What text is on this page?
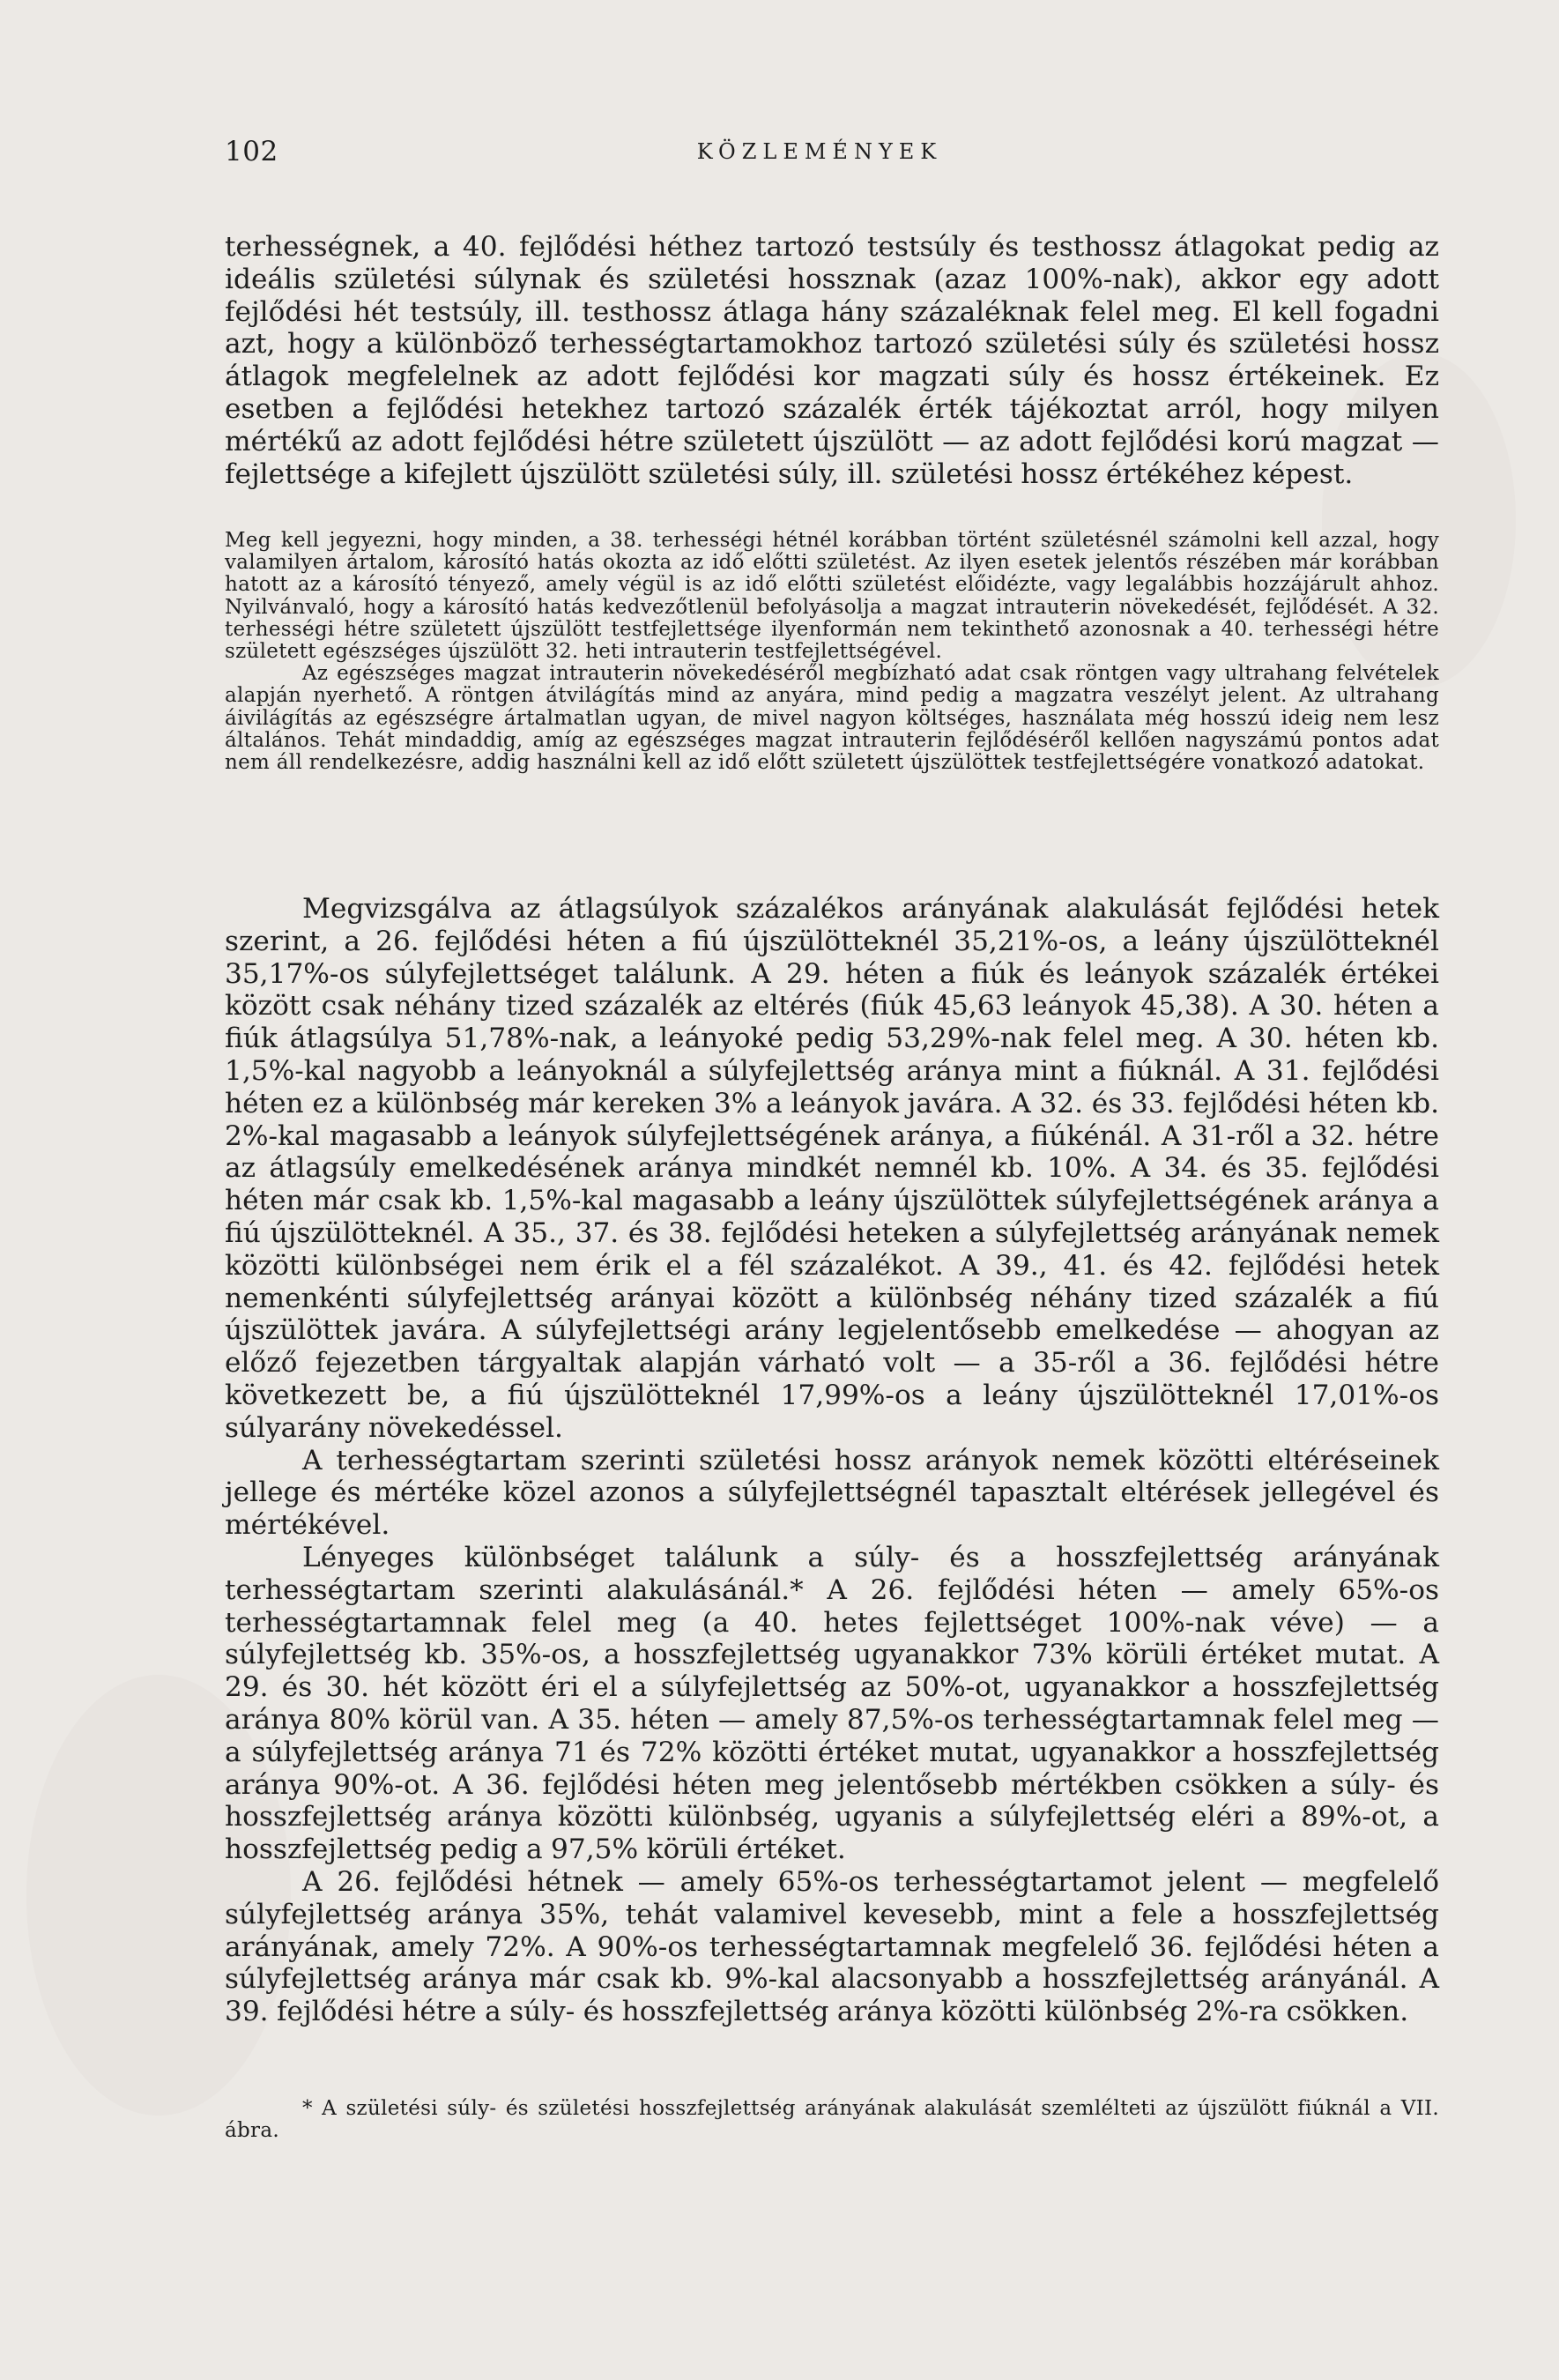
102	KÖZLEMÉNYEK

terhességnek, a 40. fejlődési héthez tartozó testsúly és testhossz átlagokat pedig az ideális születési súlynak és születési hossznak (azaz 100%-nak), akkor egy adott fejlődési hét testsúly, ill. testhossz átlaga hány százaléknak felel meg. El kell fogadni azt, hogy a különböző terhességtartamokhoz tartozó születési súly és születési hossz átlagok megfelelnek az adott fejlődési kor magzati súly és hossz értékeinek. Ez esetben a fejlődési hetekhez tartozó százalék érték tájékoztat arról, hogy milyen mértékű az adott fejlődési hétre született újszülött — az adott fejlődési korú magzat — fejlettsége a kifejlett újszülött születési súly, ill. születési hossz értékéhez képest.

Meg kell jegyezni, hogy minden, a 38. terhességi hétnél korábban történt születésnél számolni kell azzal, hogy valamilyen ártalom, károsító hatás okozta az idő előtti születést. Az ilyen esetek jelentős részében már korábban hatott az a károsító tényező, amely végül is az idő előtti születést előidézte, vagy legalábbis hozzájárult ahhoz. Nyilvánvaló, hogy a károsító hatás kedvezőtlenül befolyásolja a magzat intrauterin növekedését, fejlődését. A 32. terhességi hétre született újszülött testfejlettsége ilyenformán nem tekinthető azonosnak a 40. terhességi hétre született egészséges újszülött 32. heti intrauterin testfejlettségével.

Az egészséges magzat intrauterin növekedéséről megbízható adat csak röntgen vagy ultrahang felvételek alapján nyerhető. A röntgen átvilágítás mind az anyára, mind pedig a magzatra veszélyt jelent. Az ultrahang áivilágítás az egészségre ártalmatlan ugyan, de mivel nagyon költséges, használata még hosszú ideig nem lesz általános. Tehát mindaddig, amíg az egészséges magzat intrauterin fejlődéséről kellően nagyszámú pontos adat nem áll rendelkezésre, addig használni kell az idő előtt született újszülöttek testfejlettségére vonatkozó adatokat.

Megvizsgálva az átlagsúlyok százalékos arányának alakulását fejlődési hetek szerint, a 26. fejlődési héten a fiú újszülötteknél 35,21%-os, a leány újszülötteknél 35,17%-os súlyfejlettséget találunk. A 29. héten a fiúk és leányok százalék értékei között csak néhány tized százalék az eltérés (fiúk 45,63 leányok 45,38). A 30. héten a fiúk átlagsúlya 51,78%-nak, a leányoké pedig 53,29%-nak felel meg. A 30. héten kb. 1,5%-kal nagyobb a leányoknál a súlyfejlettség aránya mint a fiúknál. A 31. fejlődési héten ez a különbség már kereken 3% a leányok javára. A 32. és 33. fejlődési héten kb. 2%-kal magasabb a leányok súlyfejlettségének aránya, a fiúkénál. A 31-ről a 32. hétre az átlagsúly emelkedésének aránya mindkét nemnél kb. 10%. A 34. és 35. fejlődési héten már csak kb. 1,5%-kal magasabb a leány újszülöttek súlyfejlettségének aránya a fiú újszülötteknél. A 35., 37. és 38. fejlődési heteken a súlyfejlettség arányának nemek közötti különbségei nem érik el a fél százalékot. A 39., 41. és 42. fejlődési hetek nemenkénti súlyfejlettség arányai között a különbség néhány tized százalék a fiú újszülöttek javára. A súlyfejlettségi arány legjelentősebb emelkedése — ahogyan az előző fejezetben tárgyaltak alapján várható volt — a 35-ről a 36. fejlődési hétre következett be, a fiú újszülötteknél 17,99%-os a leány újszülötteknél 17,01%-os súlyarány növekedéssel.

A terhességtartam szerinti születési hossz arányok nemek közötti eltéréseinek jellege és mértéke közel azonos a súlyfejlettségnél tapasztalt eltérések jellegével és mértékével.

Lényeges különbséget találunk a súly- és a hosszfejlettség arányának terhességtartam szerinti alakulásánál.* A 26. fejlődési héten — amely 65%-os terhességtartamnak felel meg (a 40. hetes fejlettséget 100%-nak véve) — a súlyfejlettség kb. 35%-os, a hosszfejlettség ugyanakkor 73% körüli értéket mutat. A 29. és 30. hét között éri el a súlyfejlettség az 50%-ot, ugyanakkor a hosszfejlettség aránya 80% körül van. A 35. héten — amely 87,5%-os terhességtartamnak felel meg — a súlyfejlettség aránya 71 és 72% közötti értéket mutat, ugyanakkor a hosszfejlettség aránya 90%-ot. A 36. fejlődési héten meg jelentősebb mértékben csökken a súly- és hosszfejlettség aránya közötti különbség, ugyanis a súlyfejlettség eléri a 89%-ot, a hosszfejlettség pedig a 97,5% körüli értéket.

A 26. fejlődési hétnek — amely 65%-os terhességtartamot jelent — megfelelő súlyfejlettség aránya 35%, tehát valamivel kevesebb, mint a fele a hosszfejlettség arányának, amely 72%. A 90%-os terhességtartamnak megfelelő 36. fejlődési héten a súlyfejlettség aránya már csak kb. 9%-kal alacsonyabb a hosszfejlettség arányánál. A 39. fejlődési hétre a súly- és hosszfejlettség aránya közötti különbség 2%-ra csökken.

* A születési súly- és születési hosszfejlettség arányának alakulását szemlélteti az újszülött fiúknál a VII. ábra.
